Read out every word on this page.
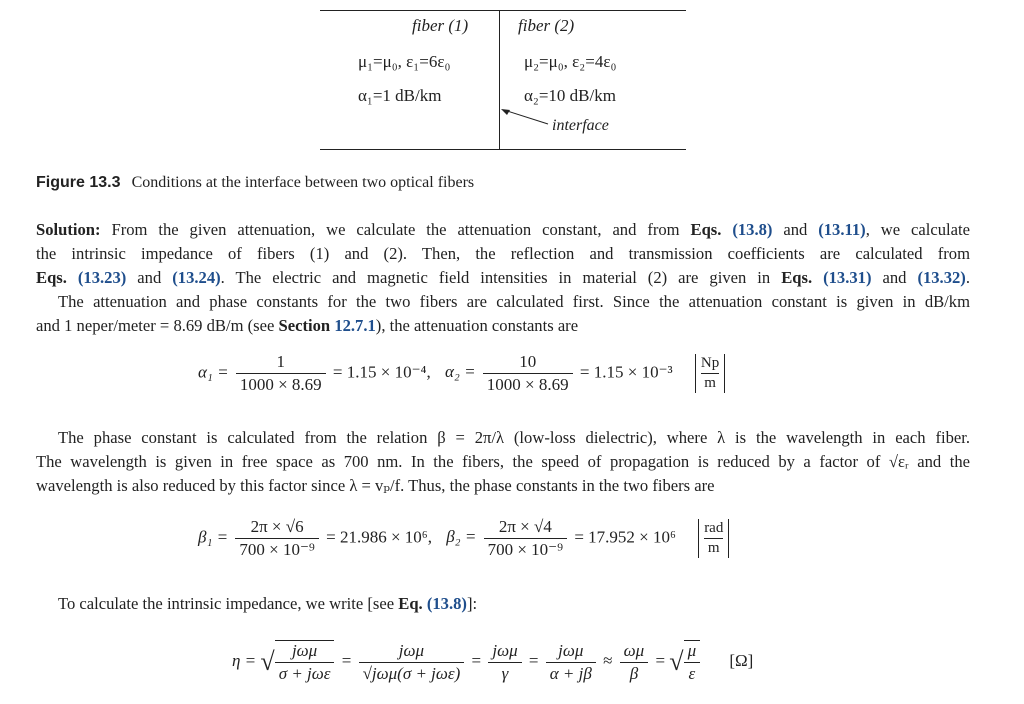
fiber (1)	fiber (2)
μ₁=μ₀, ε₁=6ε₀	μ₂=μ₀, ε₂=4ε₀
α₁=1 dB/km	α₂=10 dB/km
interface
Figure 13.3 Conditions at the interface between two optical fibers
Solution: From the given attenuation, we calculate the attenuation constant, and from Eqs. (13.8) and (13.11), we calculate
the intrinsic impedance of fibers (1) and (2). Then, the reflection and transmission coefficients are calculated from
Eqs. (13.23) and (13.24). The electric and magnetic field intensities in material (2) are given in Eqs. (13.31) and (13.32).
The attenuation and phase constants for the two fibers are calculated first. Since the attenuation constant is given in dB/km
and 1 neper/meter = 8.69 dB/m (see Section 12.7.1), the attenuation constants are
$\alpha_1 = \frac{1}{1000 \times 8.69} = 1.15 \times 10^{-4}$, $\alpha_2 = \frac{10}{1000 \times 8.69} = 1.15 \times 10^{-3} \frac{Np}{m}$
The phase constant is calculated from the relation β = 2π/λ (low-loss dielectric), where λ is the wavelength in each fiber.
The wavelength is given in free space as 700 nm. In the fibers, the speed of propagation is reduced by a factor of √εᵣ and the
wavelength is also reduced by this factor since λ = vₚ/f. Thus, the phase constants in the two fibers are
$\beta_1 = \frac{2\pi \times √6}{\text{700 × 10⁻⁹}} = 21.986 \times 10^6$, $\beta_2 = \frac{2\pi \times √4}{\text{700 × 10⁻⁹}} = 17.952 \times 10^6$ rad
m
To calculate the intrinsic impedance, we write [see Eq. (13.8)]:
η = √ $\frac{\text{jωμ}}{\text{σ + jωε}} = \frac{\text{jωμ}}{\text{√jωμ(σ + jωε)}} = \frac{\text{jωμ}}{\gamma} = \frac{\text{jωμ}}{\alpha + j\beta} \approx \frac{\omega\mu}{\beta}$ = √ $\frac{\mu}{\varepsilon} [\Omega]$
